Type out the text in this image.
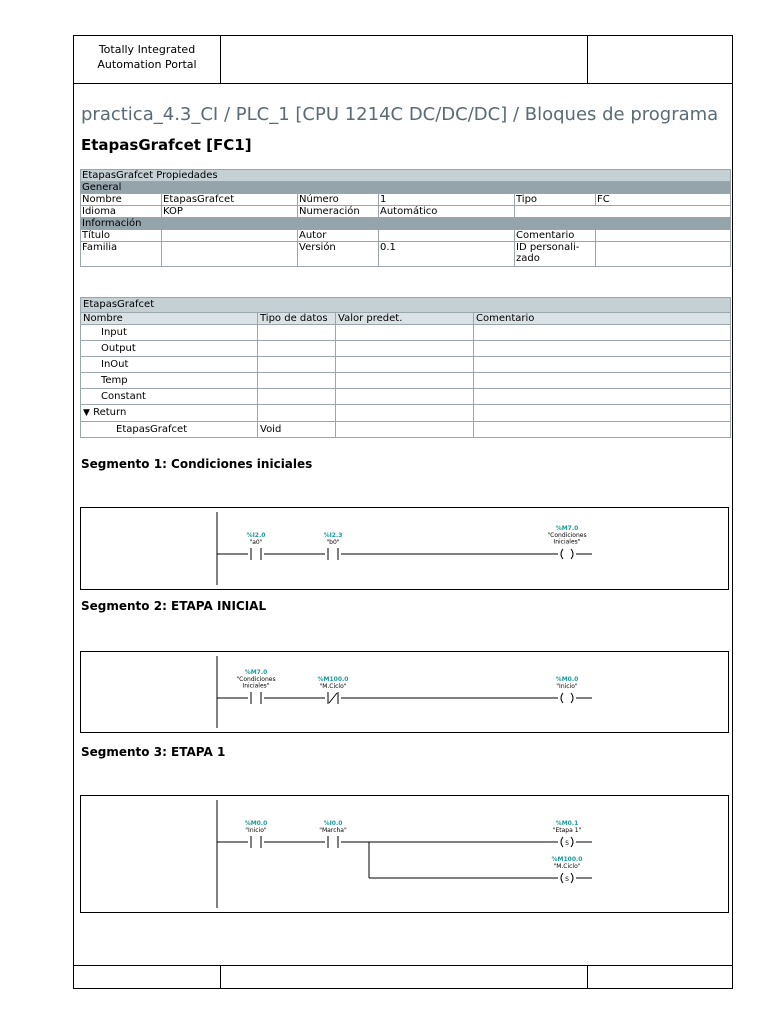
Totally Integrated
Automation Portal
practica_4.3_CI / PLC_1 [CPU 1214C DC/DC/DC] / Bloques de programa
EtapasGrafcet [FC1]
EtapasGrafcet Propiedades					
General					
Nombre	EtapasGrafcet	Número	1	Tipo	FC
Idioma	KOP	Numeración	Automático		
Información					
Título		Autor		Comentario	
Familia		Versión	0.1	ID personali-
zado	
EtapasGrafcet			
Nombre	Tipo de datos	Valor predet.	Comentario
Input			
Output			
InOut			
Temp			
Constant			
▼ Return			
EtapasGrafcet	Void		
Segmento 1: Condiciones iniciales
%I2.0
"a0"
%I2.3
"b0"
%M7.0
"Condiciones
Iniciales"
Segmento 2: ETAPA INICIAL
%M7.0
"Condiciones
Iniciales"
%M100.0
"M.Ciclo"
%M0.0
"Inicio"
Segmento 3: ETAPA 1
%M0.0
"Inicio"
%I0.0
"Marcha"
S
%M0.1
"Etapa 1"
S
%M100.0
"M.Ciclo"
